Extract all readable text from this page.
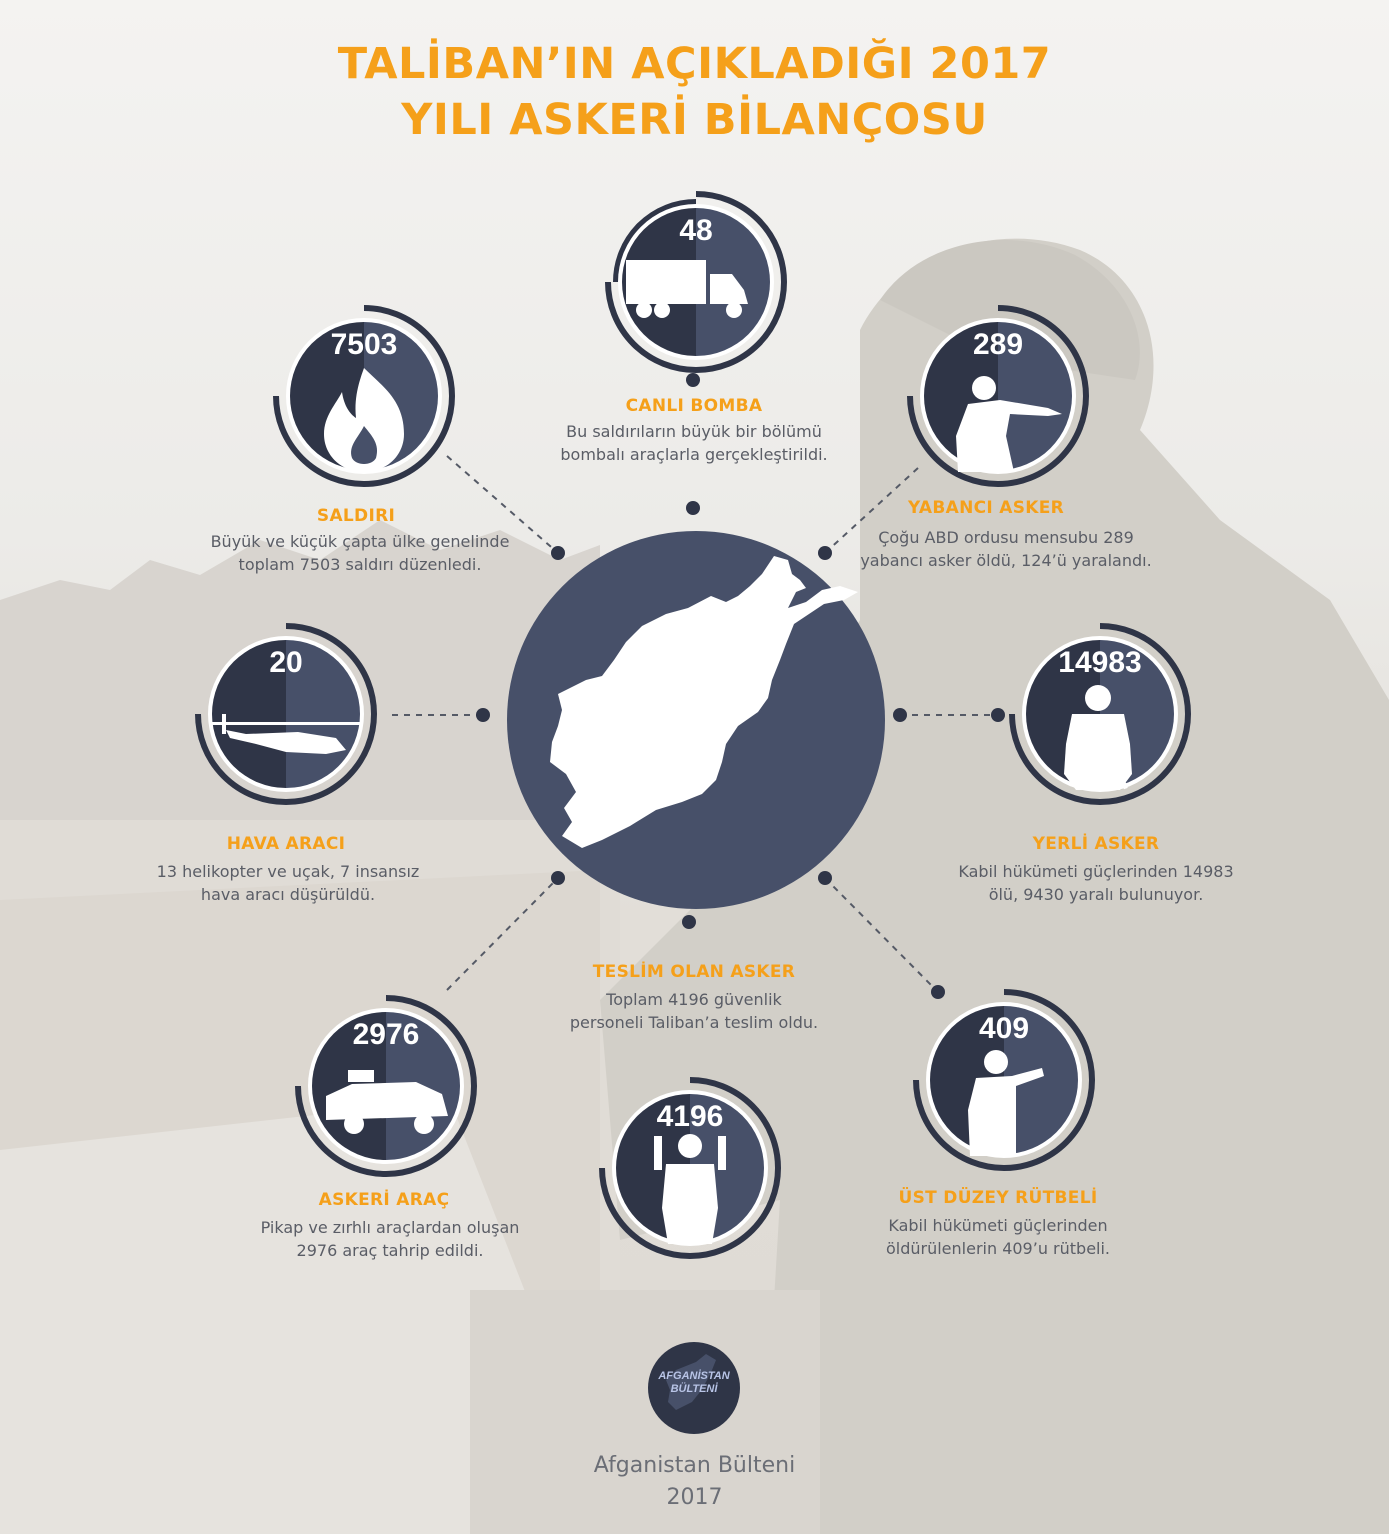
TALİBAN’IN AÇIKLADIĞI 2017
YILI ASKERİ BİLANÇOSU
48
CANLI BOMBA
Bu saldırıların büyük bir bölümü
bombalı araçlarla gerçekleştirildi.
7503
SALDIRI
Büyük ve küçük çapta ülke genelinde
toplam 7503 saldırı düzenledi.
289
YABANCI ASKER
Çoğu ABD ordusu mensubu 289
yabancı asker öldü, 124’ü yaralandı.
20
HAVA ARACI
13 helikopter ve uçak, 7 insansız
hava aracı düşürüldü.
14983
YERLİ ASKER
Kabil hükümeti güçlerinden 14983
ölü, 9430 yaralı bulunuyor.
2976
ASKERİ ARAÇ
Pikap ve zırhlı araçlardan oluşan
2976 araç tahrip edildi.
TESLİM OLAN ASKER
Toplam 4196 güvenlik
personeli Taliban’a teslim oldu.
4196
409
ÜST DÜZEY RÜTBELİ
Kabil hükümeti güçlerinden
öldürülenlerin 409’u rütbeli.
AFGANİSTAN
BÜLTENİ
Afganistan Bülteni
2017
